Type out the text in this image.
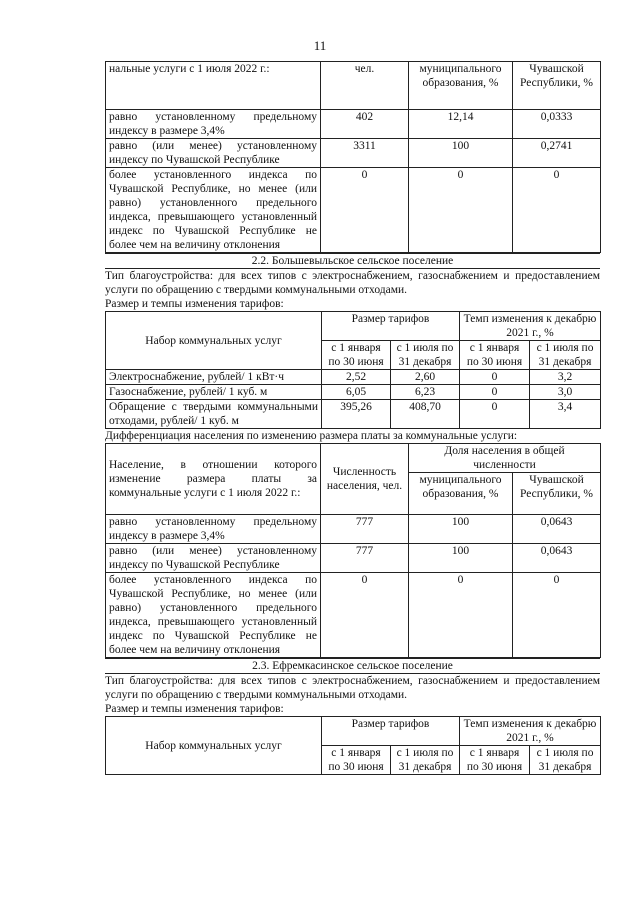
11
нальные услуги с 1 июля 2022 г.:	чел.	муниципального образования, %	Чувашской Республики, %
равно установленному предельному индексу в размере 3,4%	402	12,14	0,0333
равно (или менее) установленному индексу по Чувашской Республике	3311	100	0,2741
более установленного индекса по Чувашской Республике, но менее (или равно) установленного предельного индекса, превышающего установленный индекс по Чувашской Республике не более чем на величину отклонения	0	0	0
2.2. Большевыльское сельское поселение
Тип благоустройства: для всех типов с электроснабжением, газоснабжением и предоставлением услуги по обращению с твердыми коммунальными отходами.
Размер и темпы изменения тарифов:
Набор коммунальных услуг	Размер тарифов		Темп изменения к декабрю 2021 г., %	
	с 1 января по 30 июня	с 1 июля по 31 декабря	с 1 января по 30 июня	с 1 июля по 31 декабря
Электроснабжение, рублей/ 1 кВт·ч	2,52	2,60	0	3,2
Газоснабжение, рублей/ 1 куб. м	6,05	6,23	0	3,0
Обращение с твердыми коммунальными отходами, рублей/ 1 куб. м	395,26	408,70	0	3,4
Дифференциация населения по изменению размера платы за коммунальные услуги:
Население, в отношении которого изменение размера платы за коммунальные услуги с 1 июля 2022 г.:	Численность населения, чел.	Доля населения в общей численности	
		муниципального образования, %	Чувашской Республики, %
равно установленному предельному индексу в размере 3,4%	777	100	0,0643
равно (или менее) установленному индексу по Чувашской Республике	777	100	0,0643
более установленного индекса по Чувашской Республике, но менее (или равно) установленного предельного индекса, превышающего установленный индекс по Чувашской Республике не более чем на величину отклонения	0	0	0
2.3. Ефремкасинское сельское поселение
Тип благоустройства: для всех типов с электроснабжением, газоснабжением и предоставлением услуги по обращению с твердыми коммунальными отходами.
Размер и темпы изменения тарифов:
Набор коммунальных услуг	Размер тарифов		Темп изменения к декабрю 2021 г., %	
	с 1 января по 30 июня	с 1 июля по 31 декабря	с 1 января по 30 июня	с 1 июля по 31 декабря
